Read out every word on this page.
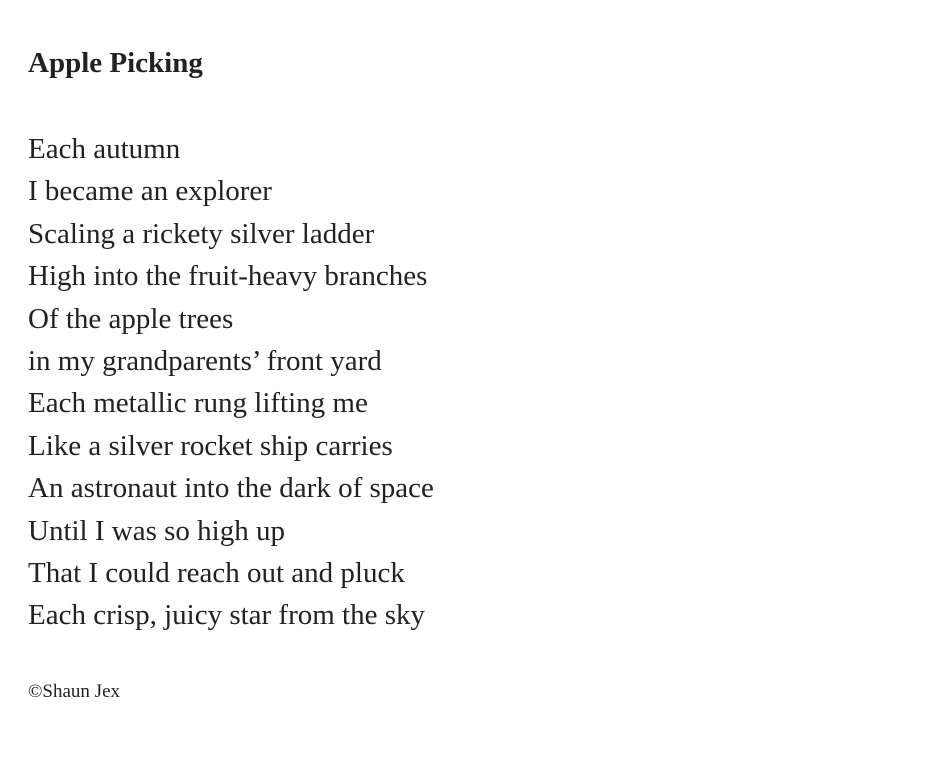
Apple Picking
Each autumn
I became an explorer
Scaling a rickety silver ladder
High into the fruit-heavy branches
Of the apple trees
in my grandparents’ front yard
Each metallic rung lifting me
Like a silver rocket ship carries
An astronaut into the dark of space
Until I was so high up
That I could reach out and pluck
Each crisp, juicy star from the sky
©Shaun Jex
